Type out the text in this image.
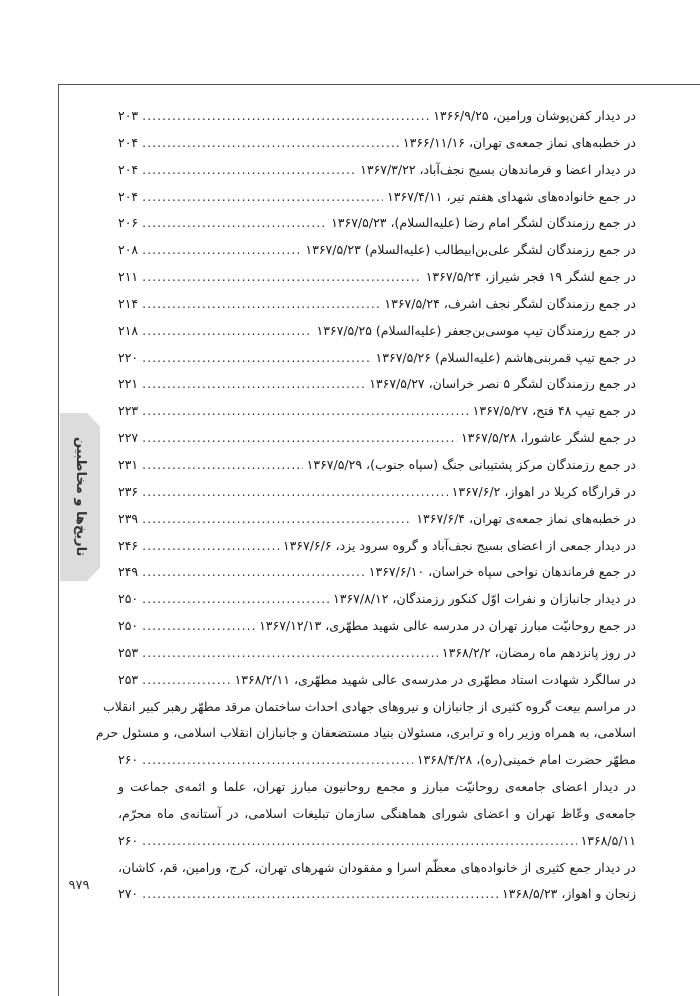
تاریخ‌ها و مخاطبین
۹۷۹
در دیدار کفن‌پوشان ورامین، ۱۳۶۶/۹/۲۵
.....
۲۰۳
در خطبه‌های نماز جمعه‌ی تهران، ۱۳۶۶/۱۱/۱۶
.....
۲۰۴
در دیدار اعضا و فرماندهان بسیج نجف‌آباد، ۱۳۶۷/۳/۲۲
.....
۲۰۴
در جمع خانواده‌های شهدای هفتم تیر، ۱۳۶۷/۴/۱۱
.....
۲۰۴
در جمع رزمندگان لشگر امام رضا (علیه‌السلام)، ۱۳۶۷/۵/۲۳
.....
۲۰۶
در جمع رزمندگان لشگر علی‌بن‌ابیطالب (علیه‌السلام) ۱۳۶۷/۵/۲۳
.....
۲۰۸
در جمع لشگر ۱۹ فجر شیراز، ۱۳۶۷/۵/۲۴
.....
۲۱۱
در جمع رزمندگان لشگر نجف اشرف، ۱۳۶۷/۵/۲۴
.....
۲۱۴
در جمع رزمندگان تیپ موسی‌بن‌جعفر (علیه‌السلام) ۱۳۶۷/۵/۲۵
.....
۲۱۸
در جمع تیپ قمربنی‌هاشم (علیه‌السلام) ۱۳۶۷/۵/۲۶
.....
۲۲۰
در جمع رزمندگان لشگر ۵ نصر خراسان، ۱۳۶۷/۵/۲۷
.....
۲۲۱
در جمع تیپ ۴۸ فتح، ۱۳۶۷/۵/۲۷
.....
۲۲۳
در جمع لشگر عاشورا، ۱۳۶۷/۵/۲۸
.....
۲۲۷
در جمع رزمندگان مرکز پشتیبانی جنگ (سپاه جنوب)، ۱۳۶۷/۵/۲۹
.....
۲۳۱
در قرارگاه کربلا در اهواز، ۱۳۶۷/۶/۲
.....
۲۳۶
در خطبه‌های نماز جمعه‌ی تهران، ۱۳۶۷/۶/۴
.....
۲۳۹
در دیدار جمعی از اعضای بسیج نجف‌آباد و گروه سرود یزد، ۱۳۶۷/۶/۶
.....
۲۴۶
در جمع فرماندهان نواحی سپاه خراسان، ۱۳۶۷/۶/۱۰
.....
۲۴۹
در دیدار جانبازان و نفرات اوّل کنکور رزمندگان، ۱۳۶۷/۸/۱۲
.....
۲۵۰
در جمع روحانیّت مبارز تهران در مدرسه عالی شهید مطهّری، ۱۳۶۷/۱۲/۱۳
.....
۲۵۰
در روز پانزدهم ماه رمضان، ۱۳۶۸/۲/۲
.....
۲۵۳
در سالگرد شهادت استاد مطهّری در مدرسه‌ی عالی شهید مطهّری، ۱۳۶۸/۲/۱۱
.....
۲۵۳
در مراسم بیعت گروه کثیری از جانبازان و نیروهای جهادی احداث ساختمان مرقد مطهّر رهبر کبیر انقلاب
اسلامی، به همراه وزیر راه و ترابری، مسئولان بنیاد مستضعفان و جانبازان انقلاب اسلامی، و مسئول حرم
مطهّر حضرت امام خمینی(ره)، ۱۳۶۸/۴/۲۸
.....
۲۶۰
در دیدار اعضای جامعه‌ی روحانیّت مبارز و مجمع روحانیون مبارز تهران، علما و ائمه‌ی جماعت و
جامعه‌ی وعّاظ تهران و اعضای شورای هماهنگی سازمان تبلیغات اسلامی، در آستانه‌ی ماه محرّم،
۱۳۶۸/۵/۱۱
.....
۲۶۰
در دیدار جمع کثیری از خانواده‌های معظّم اسرا و مفقودان شهرهای تهران، کرج، ورامین، قم، کاشان،
زنجان و اهواز، ۱۳۶۸/۵/۲۳
.....
۲۷۰
